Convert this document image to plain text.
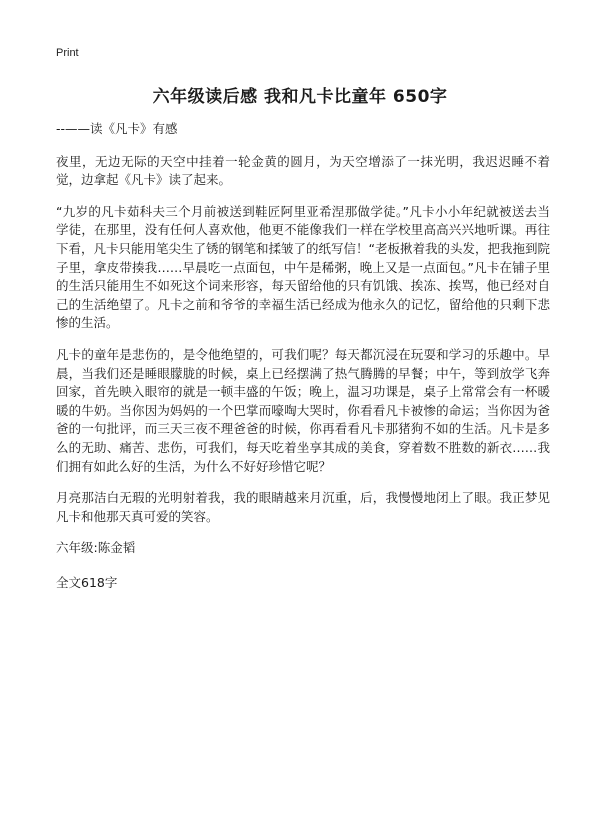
Print
六年级读后感 我和凡卡比童年 650字

--——读《凡卡》有感

夜里，无边无际的天空中挂着一轮金黄的圆月，为天空增添了一抹光明，我迟迟睡不着觉，边拿起《凡卡》读了起来。

“九岁的凡卡茹科夫三个月前被送到鞋匠阿里亚希涅那做学徒。”凡卡小小年纪就被送去当学徒，在那里，没有任何人喜欢他，他更不能像我们一样在学校里高高兴兴地听课。再往下看，凡卡只能用笔尖生了锈的钢笔和揉皱了的纸写信！“老板揪着我的头发，把我拖到院子里，拿皮带揍我……早晨吃一点面包，中午是稀粥，晚上又是一点面包。”凡卡在铺子里的生活只能用生不如死这个词来形容，每天留给他的只有饥饿、挨冻、挨骂，他已经对自己的生活绝望了。凡卡之前和爷爷的幸福生活已经成为他永久的记忆，留给他的只剩下悲惨的生活。

凡卡的童年是悲伤的，是令他绝望的，可我们呢？每天都沉浸在玩耍和学习的乐趣中。早晨，当我们还是睡眼朦胧的时候，桌上已经摆满了热气腾腾的早餐；中午，等到放学飞奔回家，首先映入眼帘的就是一顿丰盛的午饭；晚上，温习功课是，桌子上常常会有一杯暖暖的牛奶。当你因为妈妈的一个巴掌而嚎啕大哭时，你看看凡卡被惨的命运；当你因为爸爸的一句批评，而三天三夜不理爸爸的时候，你再看看凡卡那猪狗不如的生活。凡卡是多么的无助、痛苦、悲伤，可我们，每天吃着坐享其成的美食，穿着数不胜数的新衣……我们拥有如此么好的生活，为什么不好好珍惜它呢？

月亮那洁白无瑕的光明射着我，我的眼睛越来月沉重，后，我慢慢地闭上了眼。我正梦见凡卡和他那天真可爱的笑容。

六年级:陈金韬

全文618字
